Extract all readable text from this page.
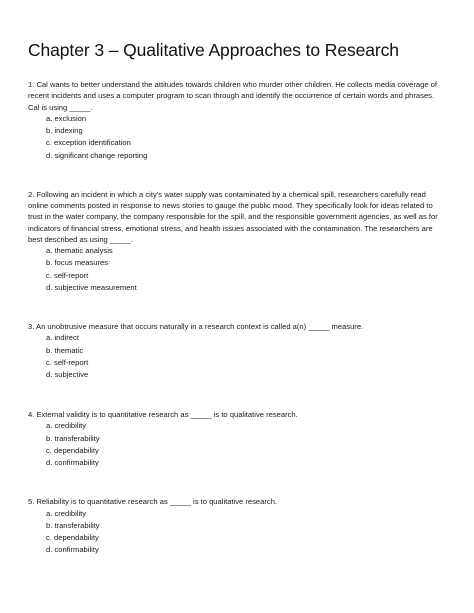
Chapter 3 – Qualitative Approaches to Research

1. Cal wants to better understand the attitudes towards children who murder other children. He collects media coverage of recent incidents and uses a computer program to scan through and identify the occurrence of certain words and phrases. Cal is using _____.

a. exclusion
b. indexing
c. exception identification
d. significant change reporting

2. Following an incident in which a city’s water supply was contaminated by a chemical spill, researchers carefully read online comments posted in response to news stories to gauge the public mood. They specifically look for ideas related to trust in the water company, the company responsible for the spill, and the responsible government agencies, as well as for indicators of financial stress, emotional stress, and health issues associated with the contamination. The researchers are best described as using _____.

a. thematic analysis
b. focus measures
c. self-report
d. subjective measurement

3. An unobtrusive measure that occurs naturally in a research context is called a(n) _____ measure.

a. indirect
b. thematic
c. self-report
d. subjective

4. External validity is to quantitative research as _____ is to qualitative research.

a. credibility
b. transferability
c. dependability
d. confirmability

5. Reliability is to quantitative research as _____ is to qualitative research.

a. credibility
b. transferability
c. dependability
d. confirmability
